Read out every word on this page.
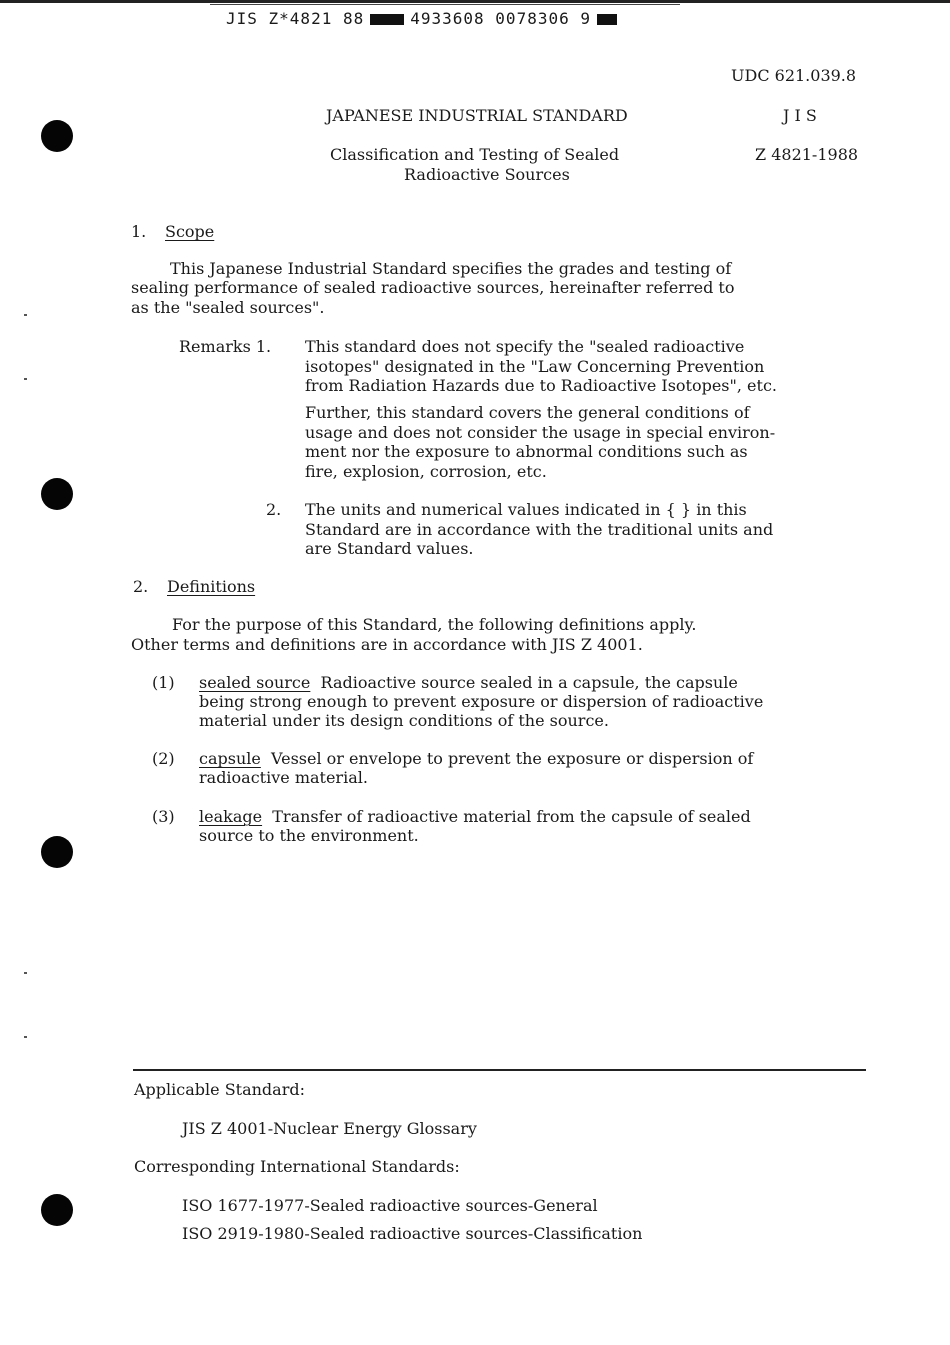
JIS Z*4821 88	4933608 0078306 9
UDC 621.039.8
JAPANESE INDUSTRIAL STANDARD	J I S
Classification and Testing of Sealed
Radioactive Sources
Z 4821-1988
1. Scope
This Japanese Industrial Standard specifies the grades and testing of
sealing performance of sealed radioactive sources, hereinafter referred to
as the "sealed sources".
Remarks 1. This standard does not specify the "sealed radioactive
isotopes" designated in the "Law Concerning Prevention
from Radiation Hazards due to Radioactive Isotopes", etc.
Further, this standard covers the general conditions of
usage and does not consider the usage in special environ-
ment nor the exposure to abnormal conditions such as
fire, explosion, corrosion, etc.
2. The units and numerical values indicated in { } in this
Standard are in accordance with the traditional units and
are Standard values.
2. Definitions
For the purpose of this Standard, the following definitions apply.
Other terms and definitions are in accordance with JIS Z 4001.
(1) sealed source Radioactive source sealed in a capsule, the capsule
being strong enough to prevent exposure or dispersion of radioactive
material under its design conditions of the source.
(2) capsule Vessel or envelope to prevent the exposure or dispersion of
radioactive material.
(3) leakage Transfer of radioactive material from the capsule of sealed
source to the environment.
Applicable Standard:
JIS Z 4001-Nuclear Energy Glossary
Corresponding International Standards:
ISO 1677-1977-Sealed radioactive sources-General
ISO 2919-1980-Sealed radioactive sources-Classification
